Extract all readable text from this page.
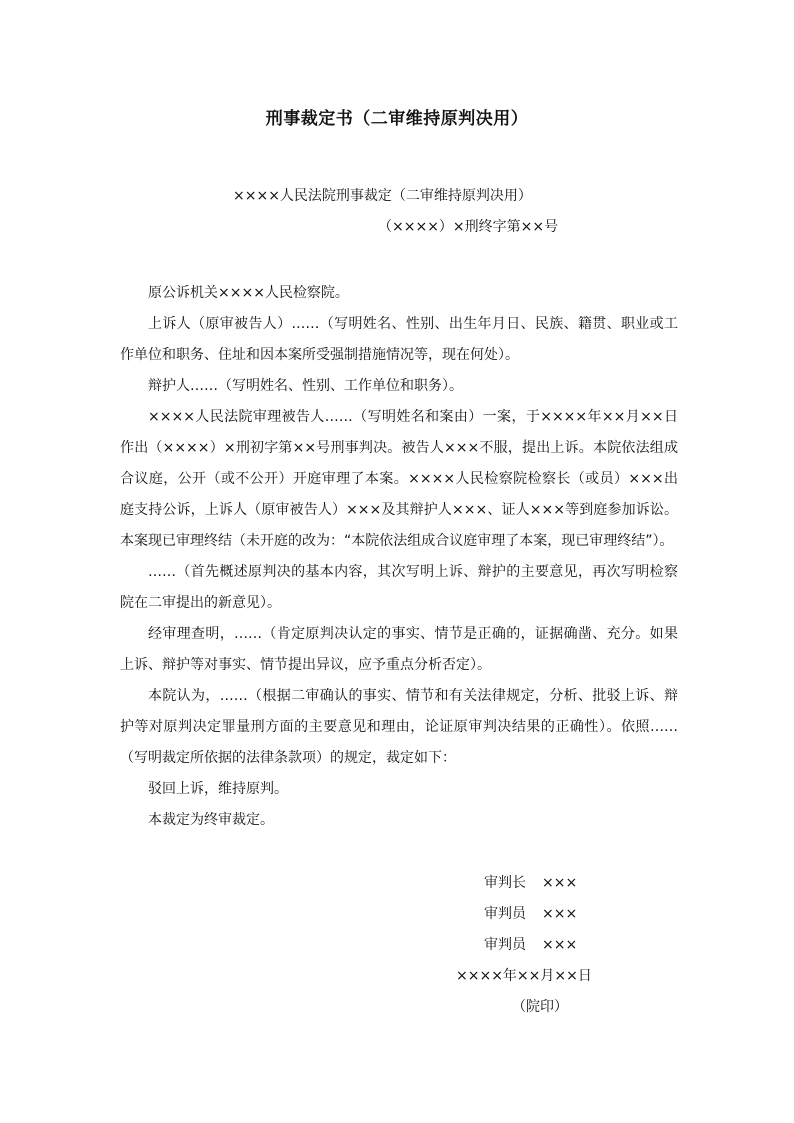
刑事裁定书（二审维持原判决用）
××××人民法院刑事裁定（二审维持原判决用）
（××××）×刑终字第××号

原公诉机关××××人民检察院。

上诉人（原审被告人）……（写明姓名、性别、出生年月日、民族、籍贯、职业或工作单位和职务、住址和因本案所受强制措施情况等，现在何处）。

辩护人……（写明姓名、性别、工作单位和职务）。

××××人民法院审理被告人……（写明姓名和案由）一案，于××××年××月××日作出（××××）×刑初字第××号刑事判决。被告人×××不服，提出上诉。本院依法组成合议庭，公开（或不公开）开庭审理了本案。××××人民检察院检察长（或员）×××出庭支持公诉，上诉人（原审被告人）×××及其辩护人×××、证人×××等到庭参加诉讼。本案现已审理终结（未开庭的改为：“本院依法组成合议庭审理了本案，现已审理终结”）。

……（首先概述原判决的基本内容，其次写明上诉、辩护的主要意见，再次写明检察院在二审提出的新意见）。

经审理查明，……（肯定原判决认定的事实、情节是正确的，证据确凿、充分。如果上诉、辩护等对事实、情节提出异议，应予重点分析否定）。

本院认为，……（根据二审确认的事实、情节和有关法律规定，分析、批驳上诉、辩护等对原判决定罪量刑方面的主要意见和理由，论证原审判决结果的正确性）。依照……（写明裁定所依据的法律条款项）的规定，裁定如下：

驳回上诉，维持原判。

本裁定为终审裁定。

审判长 ×××
审判员 ×××
审判员 ×××
××××年××月××日
（院印）
